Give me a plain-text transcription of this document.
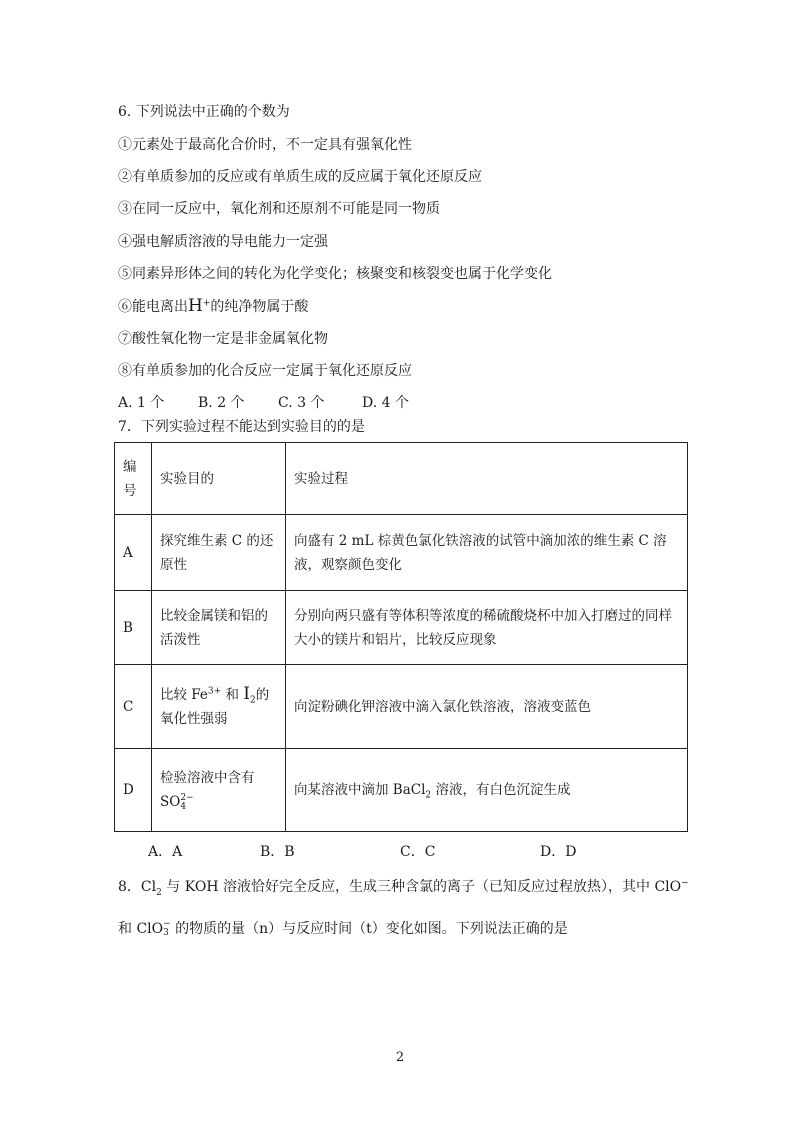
6. 下列说法中正确的个数为
①元素处于最高化合价时，不一定具有强氧化性
②有单质参加的反应或有单质生成的反应属于氧化还原反应
③在同一反应中，氧化剂和还原剂不可能是同一物质
④强电解质溶液的导电能力一定强
⑤同素异形体之间的转化为化学变化；核聚变和核裂变也属于化学变化
⑥能电离出H+的纯净物属于酸
⑦酸性氧化物一定是非金属氧化物
⑧有单质参加的化合反应一定属于氧化还原反应
A. 1 个 B. 2 个 C. 3 个	D. 4 个
7．下列实验过程不能达到实验目的的是
编
号	实验目的	实验过程
A	探究维生素 C 的还原性	向盛有 2 mL 棕黄色氯化铁溶液的试管中滴加浓的维生素 C 溶液，观察颜色变化
B	比较金属镁和铝的活泼性	分别向两只盛有等体积等浓度的稀硫酸烧杯中加入打磨过的同样大小的镁片和铝片，比较反应现象
C	比较 $Fe^{3+}$ 和 $I_2$的氧化性强弱	向淀粉碘化钾溶液中滴入氯化铁溶液，溶液变蓝色
D	检验溶液中含有
SO2−
4	向某溶液中滴加 BaCl$_2$ 溶液，有白色沉淀生成
A．A	B．B	C．C	D．D
8．$Cl_2$ 与 KOH 溶液恰好完全反应，生成三种含氯的离子（已知反应过程放热），其中 ClO−
和 ClO−
3 的物质的量（n）与反应时间（t）变化如图。下列说法正确的是
2
